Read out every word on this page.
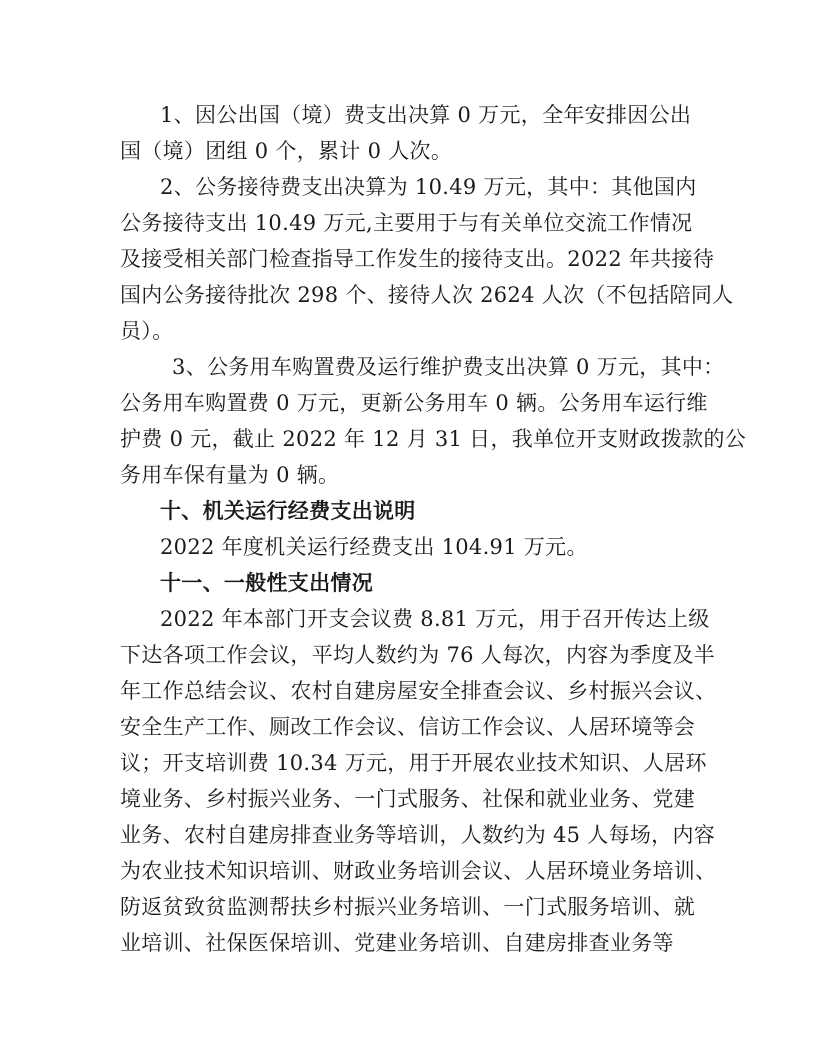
1、因公出国（境）费支出决算 0 万元，全年安排因公出
国（境）团组 0 个，累计 0 人次。
2、公务接待费支出决算为 10.49 万元，其中：其他国内
公务接待支出 10.49 万元,主要用于与有关单位交流工作情况
及接受相关部门检查指导工作发生的接待支出。2022 年共接待
国内公务接待批次 298 个、接待人次 2624 人次（不包括陪同人
员）。
3、公务用车购置费及运行维护费支出决算 0 万元，其中：
公务用车购置费 0 万元，更新公务用车 0 辆。公务用车运行维
护费 0 元，截止 2022 年 12 月 31 日，我单位开支财政拨款的公
务用车保有量为 0 辆。
十、机关运行经费支出说明
2022 年度机关运行经费支出 104.91 万元。
十一、一般性支出情况
2022 年本部门开支会议费 8.81 万元，用于召开传达上级
下达各项工作会议，平均人数约为 76 人每次，内容为季度及半
年工作总结会议、农村自建房屋安全排查会议、乡村振兴会议、
安全生产工作、厕改工作会议、信访工作会议、人居环境等会
议；开支培训费 10.34 万元，用于开展农业技术知识、人居环
境业务、乡村振兴业务、一门式服务、社保和就业业务、党建
业务、农村自建房排查业务等培训，人数约为 45 人每场，内容
为农业技术知识培训、财政业务培训会议、人居环境业务培训、
防返贫致贫监测帮扶乡村振兴业务培训、一门式服务培训、就
业培训、社保医保培训、党建业务培训、自建房排查业务等
